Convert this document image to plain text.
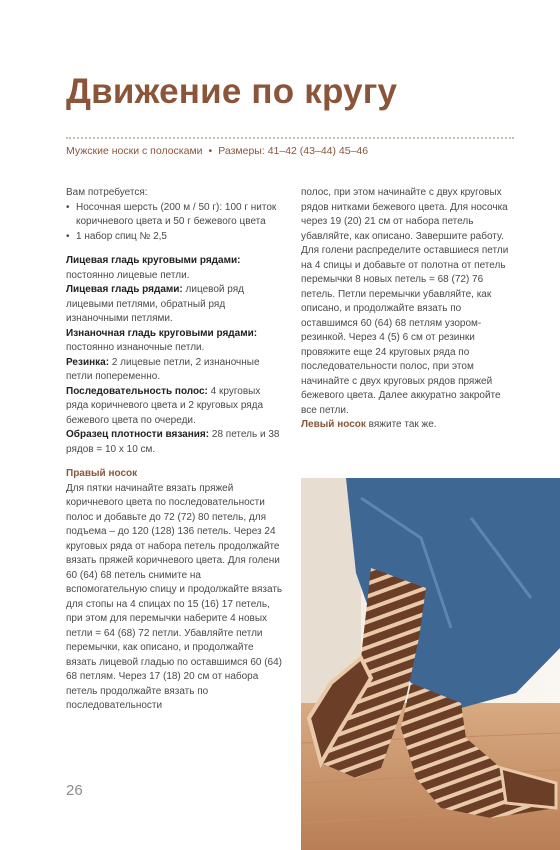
Движение по кругу
Мужские носки с полосками • Размеры: 41–42 (43–44) 45–46

Вам потребуется:

• Носочная шерсть (200 м / 50 г): 100 г ниток коричневого цвета и 50 г бежевого цвета
• 1 набор спиц № 2,5

Лицевая гладь круговыми рядами: постоянно лицевые петли.

Лицевая гладь рядами: лицевой ряд лицевыми петлями, обратный ряд изнаночными петлями.

Изнаночная гладь круговыми рядами: постоянно изнаночные петли.

Резинка: 2 лицевые петли, 2 изнаночные петли попеременно.

Последовательность полос: 4 круговых ряда коричневого цвета и 2 круговых ряда бежевого цвета по очереди.

Образец плотности вязания: 28 петель и 38 рядов = 10 х 10 см.

Правый носок

Для пятки начинайте вязать пряжей коричневого цвета по последовательности полос и добавьте до 72 (72) 80 петель, для подъема – до 120 (128) 136 петель. Через 24 круговых ряда от набора петель продолжайте вязать пряжей коричневого цвета. Для голени 60 (64) 68 петель снимите на вспомогательную спицу и продолжайте вязать для стопы на 4 спицах по 15 (16) 17 петель, при этом для перемычки наберите 4 новых петли = 64 (68) 72 петли. Убавляйте петли перемычки, как описано, и продолжайте вязать лицевой гладью по оставшимся 60 (64) 68 петлям. Через 17 (18) 20 см от набора петель продолжайте вязать по последовательности

полос, при этом начинайте с двух круговых рядов нитками бежевого цвета. Для носочка через 19 (20) 21 см от набора петель убавляйте, как описано. Завершите работу.

Для голени распределите оставшиеся петли на 4 спицы и добавьте от полотна от петель перемычки 8 новых петель = 68 (72) 76 петель. Петли перемычки убавляйте, как описано, и продолжайте вязать по оставшимся 60 (64) 68 петлям узором-резинкой. Через 4 (5) 6 см от резинки провяжите еще 24 круговых ряда по последовательности полос, при этом начинайте с двух круговых рядов пряжей бежевого цвета. Далее аккуратно закройте все петли.

Левый носок вяжите так же.

26
